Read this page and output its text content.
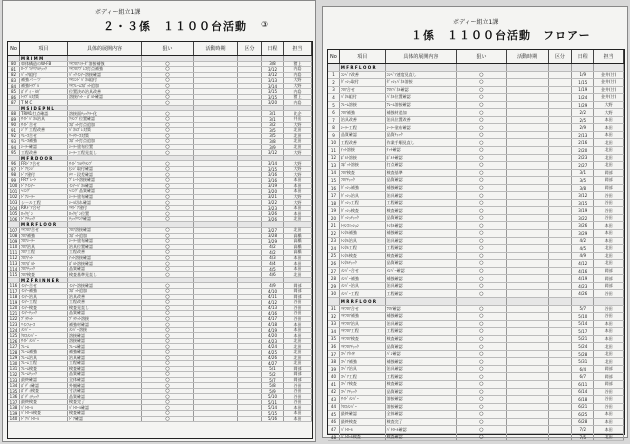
ボディー組立1課
２・３係　１１００台活動 ③
No	項目	具体的展開内容	狙い	活動時期	区分	日程	担当
M R I M M
80	車体構造のW-FB	ﾘﾔﾌﾛｱﾐﾗ‐ﾀﾞ溶接補強	○	3/8	猪上
81	ﾛｰﾌﾟﾏﾃﾘｱﾙﾁｪｯｸ	ﾘﾔﾌﾛｱﾌﾟﾚｽ打点補強	○	3/12	内島
82	ﾊﾞｯｸ組付	ﾊﾞｯｸｲﾝﾅｰ溶接確認	○	3/12	内島
83	補強パーツ	ﾘﾔｴﾝﾄﾞﾊﾟﾈﾙ組付	○	3/13	大野
84	補強ﾄﾗﾌﾞﾙ	ﾘﾔﾌﾚｰﾑｽﾎﾟｯﾄ追加	○	3/14	大野
85	ﾎﾞﾃﾞｨ・ｶｷﾞ	位置決め治具改善	○	3/15	内島
86	ﾄﾗﾌﾞﾙ対策	溶接ﾅｯﾄ・ﾎﾞﾙﾄ確認	○	3/15	猪上
87	T M C	○	3/20	内島
M S I D E P N L
88	TRM1打点確認	溶接面ﾁｪｯｸﾗｰ化	○	3/1	比企
89	ｻｲﾄﾞﾊﾟﾈﾙ治具	ｸﾗﾝﾌﾟ位置確認	○	3/1	井出
90	ｻｲﾄﾞ合せ	ｽﾎﾟｯﾄ打点追加	○	3/2	大野
91	ｼﾞｸﾞ工程改善	ﾊﾟﾈﾙｽﾞﾚ対策	○	3/5	北田
92	ﾘﾚｰｽ合せ	ﾘｰﾁｹｰｽ対策	○	3/5	北田
93	ﾘﾚｰｽ補強	ｽﾎﾟｯﾄ打点追加	○	3/8	北田
94	ｼｰﾗｰ確認	ｼｰﾗｰ塗布位置	○	3/9	北田
95	工程改善	ｼｰﾗｰ工程見直し	○	3/12	大野
M F R D O O R
96	FRﾄﾞｱ合せ	ｻｲﾄﾞﾏﾙﾁｸﾗﾝﾌﾟ	○	3/14	大野
97	ﾄﾞｱﾋﾝｼﾞ	ﾋﾝｼﾞ取付確認	○	3/15	大野
98	ﾄﾞｱ建付	ﾁﾘ・段差確認	○	3/16	大野
99	FRﾌﾟﾚｰﾄ	ﾌﾟﾚｰﾄ溶接確認	○	3/16	本田
100 ﾄﾞｱｲﾝﾅｰ	ｲﾝﾅｰﾊﾟﾈﾙ確認	○	3/19	本田
101 ﾍﾐﾝｸﾞ	ﾍﾐﾝｸﾞ品質確認	○	3/20	本田
102 ﾄﾞｱｼｰﾗｰ	ｼｰﾗｰ塗布確認	○	3/21	大野
103 シール工程	ｼｰﾙ切れ確認	○	3/22	大野
104 RRﾄﾞｱ合せ	ﾘﾔﾄﾞｱ建付	○	3/23	本田
105 ﾛｯｸﾋﾟﾝ	ﾛｯｸﾋﾟﾝ位置	○	3/26	本田
106 ﾄﾞｱﾁｪｯｸ	ﾁｪｯｸﾘﾝｸ確認	○	3/26	北田
M R R F L O O R
107 ﾘﾔﾌﾛｱ合せ	ﾌﾛｱ溶接確認	○	3/27	北田
108 ﾌﾛｱ補強	ｽﾎﾟｯﾄ追加	○	3/28	高橋
109 ﾌﾛｱｼｰﾗｰ	ｼｰﾗｰ塗布確認	○	3/29	高橋
110 ﾌﾛｱ治具	治具位置確認	○	4/2	高橋
111 ﾌﾛｱ工程	工程改善	○	4/2	高橋
112 ﾌﾛｱﾅｯﾄ	ﾅｯﾄ溶接確認	○	4/3	本田
113 ﾌﾛｱﾎﾞﾙﾄ	ﾎﾞﾙﾄ溶接確認	○	4/4	本田
114 ﾌﾛｱﾁｪｯｸ	品質確認	○	4/5	本田
115 ﾌﾛｱ検査	検査基準見直し	○	4/6	北田
M Z F R I N N E R
116 ｲﾝﾅｰ合せ	ｲﾝﾅｰ溶接確認	○	4/9	岡部
117 ｲﾝﾅｰ補強	ｽﾎﾟｯﾄ追加	○	4/10	岡部
118 ｲﾝﾅｰ治具	治具改善	○	4/11	岡部
119 ｲﾝﾅｰ工程	工程改善	○	4/12	谷田
120 ｲﾝﾅｰ検査	検査見直し	○	4/13	谷田
121 ｲﾝﾅｰﾁｪｯｸ	品質確認	○	4/16	谷田
122 ﾌﾞﾗｹｯﾄ	ﾌﾞﾗｹｯﾄ溶接	○	4/17	谷田
123 ﾘｲﾝﾌｫｰｽ	補強材確認	○	4/18	本田
124 ﾒﾝﾊﾞｰ	ﾒﾝﾊﾞｰ溶接	○	4/19	本田
125 ｸﾛｽﾒﾝﾊﾞｰ	溶接確認	○	4/20	本田
126 ｻｲﾄﾞﾒﾝﾊﾞｰ	溶接確認	○	4/23	北田
127 ﾌﾚｰﾑ	ﾌﾚｰﾑ確認	○	4/24	北田
128 ﾌﾚｰﾑ補強	補強確認	○	4/25	北田
129 ﾌﾚｰﾑ治具	治具確認	○	4/26	北田
130 ﾌﾚｰﾑ工程	工程確認	○	4/27	北田
131 ﾌﾚｰﾑ検査	検査確認	○	5/1	岡部
132 ﾌﾚｰﾑﾁｪｯｸ	品質確認	○	5/2	岡部
133 最終確認	全体確認	○	5/7	岡部
134 ﾎﾞﾃﾞｨ確認	外観確認	○	5/8	谷田
135 ﾎﾞﾃﾞｨ検査	寸法確認	○	5/9	谷田
136 ﾎﾞﾃﾞｨﾁｪｯｸ	品質確認	○	5/10	谷田
137 最終検査	検査完了	○	5/11	谷田
138 ﾊﾟﾄﾛｰﾙ	ﾊﾟﾄﾛｰﾙ確認	○	5/14	本田
139 ﾊﾟﾄﾛｰﾙ検査	検査確認	○	5/15	本田
140 ﾄﾞｱﾊﾟﾄﾛｰﾙ	ﾄﾞｱ確認	○	5/16	本田
ボディー組立1課
１係　１１００台活動　フロアー
No	項目	具体的展開内容	狙い	活動時期	区分	日程	担当
M F R F L O O R
1	ｺﾝﾍﾞｱ改善	ｺﾝﾍﾞｱ速度見直し	○	1/9	金井(甘)
2	ﾀﾞｯｼｭ取付	ﾀﾞｯｼｭﾊﾟﾈﾙ溶接	○	1/15	金井(甘)
3	ﾌﾛｱ合せ	ﾌﾛｱﾊﾟﾈﾙ確認	○	1/19	金井(甘)
4	ﾊﾟﾈﾙ組付	ﾊﾟﾈﾙ位置確認	○	1/24	金井(甘)
5	ﾌﾚｰﾑ溶接	ﾌﾚｰﾑ溶接確認	○	1/29	大野
6	ﾌﾛｱ補強	補強材追加	○	2/2	大野
7	治具改善	治具位置改善	○	2/5	本田
8	ｼｰﾗｰ工程	ｼｰﾗｰ塗布確認	○	2/9	本田
9	品質確認	品質ﾁｪｯｸ	○	2/13	本田
10	工程改善	作業手順見直し	○	2/16	北田
11	ﾅｯﾄ溶接	ﾅｯﾄ確認	○	2/20	北田
12	ﾎﾞﾙﾄ溶接	ﾎﾞﾙﾄ確認	○	2/23	北田
13	ｽﾎﾟｯﾄ溶接	打点確認	○	2/27	北田
14	ﾌﾛｱ検査	検査基準	○	3/1	岡部
15	ﾌﾛｱﾁｪｯｸ	品質確認	○	3/5	岡部
16	ﾀﾞｯｼｭ補強	補強確認	○	3/8	岡部
17	ﾀﾞｯｼｭ治具	治具確認	○	3/12	谷田
18	ﾀﾞｯｼｭ工程	工程確認	○	3/15	谷田
19	ﾀﾞｯｼｭ検査	検査確認	○	3/19	谷田
20	ﾀﾞｯｼｭﾁｪｯｸ	品質確認	○	3/22	谷田
21	ﾄﾗﾝｽﾐｯｼｮﾝ	ﾄﾝﾈﾙ確認	○	3/26	本田
22	ﾄﾝﾈﾙ補強	補強確認	○	3/29	本田
23	ﾄﾝﾈﾙ治具	治具確認	○	4/2	本田
24	ﾄﾝﾈﾙ工程	工程確認	○	4/5	北田
25	ﾄﾝﾈﾙ検査	検査確認	○	4/9	北田
26	ﾄﾝﾈﾙﾁｪｯｸ	品質確認	○	4/12	北田
27	ﾒﾝﾊﾞｰ合せ	ﾒﾝﾊﾞｰ確認	○	4/16	岡部
28	ﾒﾝﾊﾞｰ補強	補強確認	○	4/19	岡部
29	ﾒﾝﾊﾞｰ治具	治具確認	○	4/23	岡部
30	ﾒﾝﾊﾞｰ工程	工程確認	○	4/26	谷田
M R R F L O O R
31	ﾘﾔﾌﾛｱ合せ	ﾌﾛｱ確認	○	5/7	谷田
32	ﾘﾔﾌﾛｱ補強	補強確認	○	5/10	谷田
33	ﾘﾔﾌﾛｱ治具	治具確認	○	5/14	本田
34	ﾘﾔﾌﾛｱ工程	工程確認	○	5/17	本田
35	ﾘﾔﾌﾛｱ検査	検査確認	○	5/21	本田
36	ﾘﾔﾌﾛｱﾁｪｯｸ	品質確認	○	5/24	北田
37	ｽﾍﾟｱﾀｲﾔ	ﾊﾟﾝ確認	○	5/28	北田
38	ｽﾍﾟｱ補強	補強確認	○	5/31	北田
39	ｽﾍﾟｱ治具	治具確認	○	6/4	岡部
40	ｽﾍﾟｱ工程	工程確認	○	6/7	岡部
41	ｽﾍﾟｱ検査	検査確認	○	6/11	岡部
42	ｽﾍﾟｱﾁｪｯｸ	品質確認	○	6/14	谷田
43	ｻｲﾄﾞﾒﾝﾊﾞｰ	溶接確認	○	6/18	谷田
44	ｸﾛｽﾒﾝﾊﾞｰ	溶接確認	○	6/21	谷田
45	最終確認	全体確認	○	6/25	本田
46	最終検査	検査完了	○	6/28	本田
47	ﾊﾟﾄﾛｰﾙ	ﾊﾟﾄﾛｰﾙ確認	○	7/2	本田
48	ﾊﾟﾄﾛｰﾙ検査	検査確認	○	7/5	北田
